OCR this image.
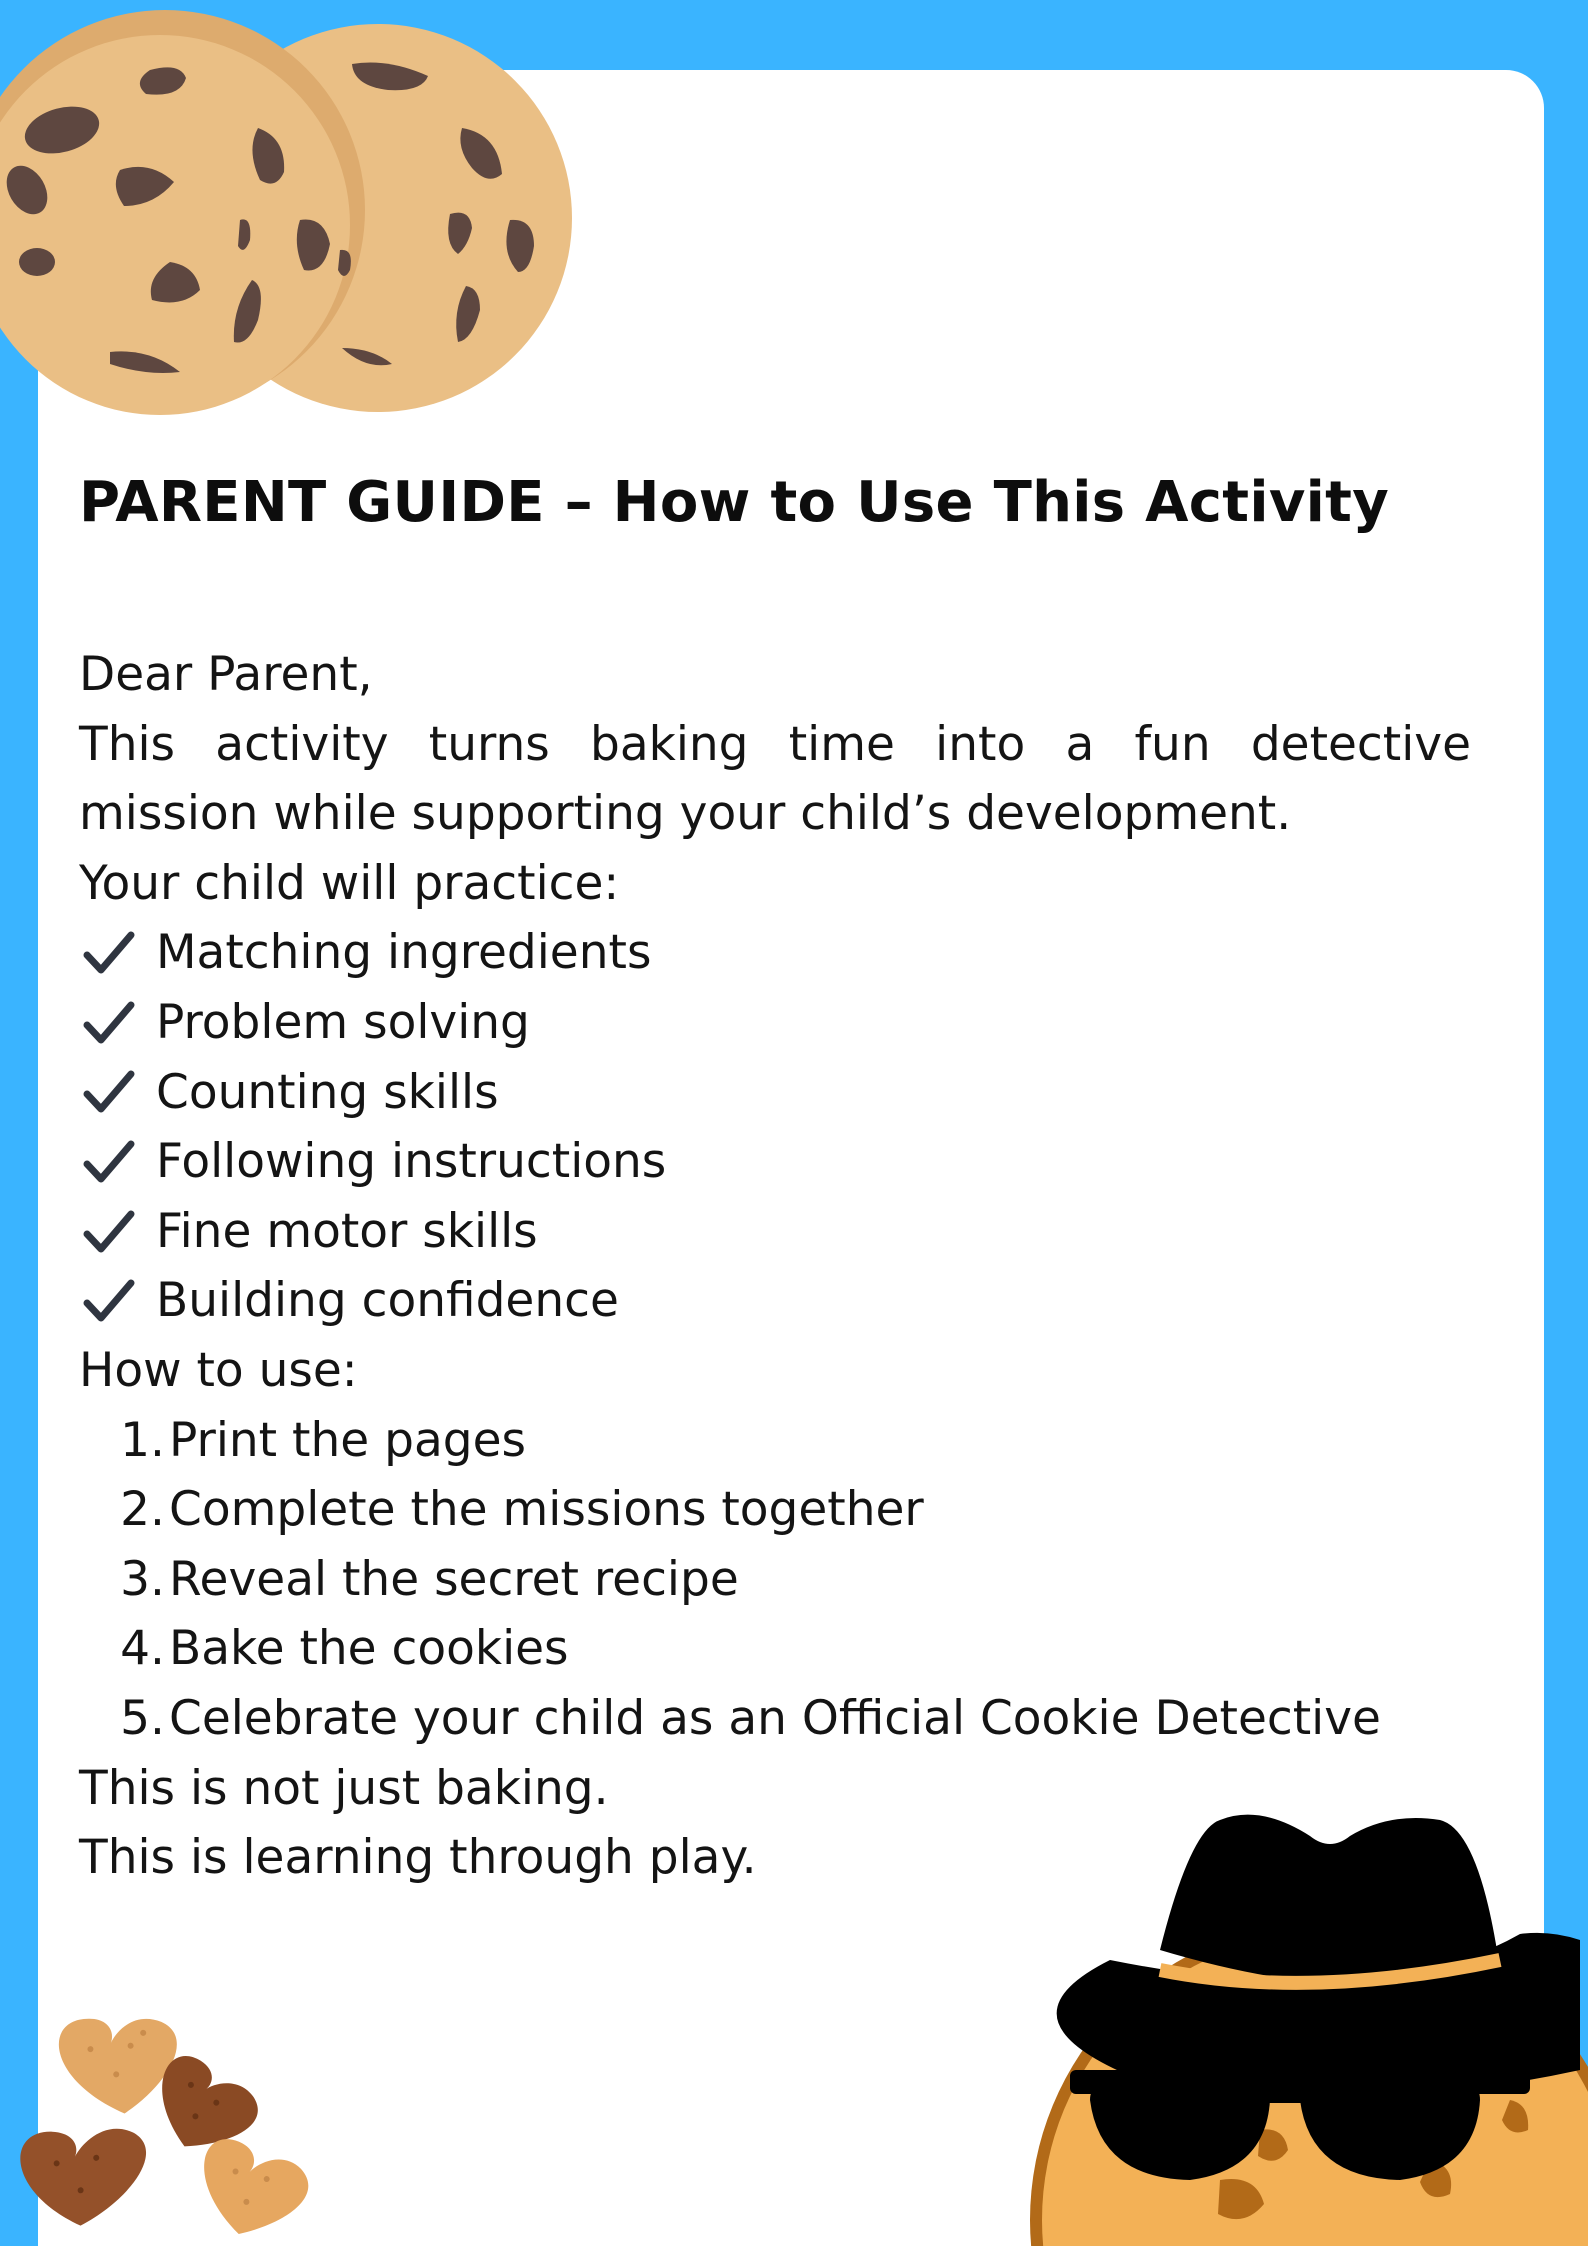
PARENT GUIDE – How to Use This Activity
Dear Parent,
This activity turns baking time into a fun detective
mission while supporting your child’s development.
Your child will practice:
Matching ingredients
Problem solving
Counting skills
Following instructions
Fine motor skills
Building confidence
How to use:
1. Print the pages
2. Complete the missions together
3. Reveal the secret recipe
4. Bake the cookies
5. Celebrate your child as an Official Cookie Detective
This is not just baking.
This is learning through play.
